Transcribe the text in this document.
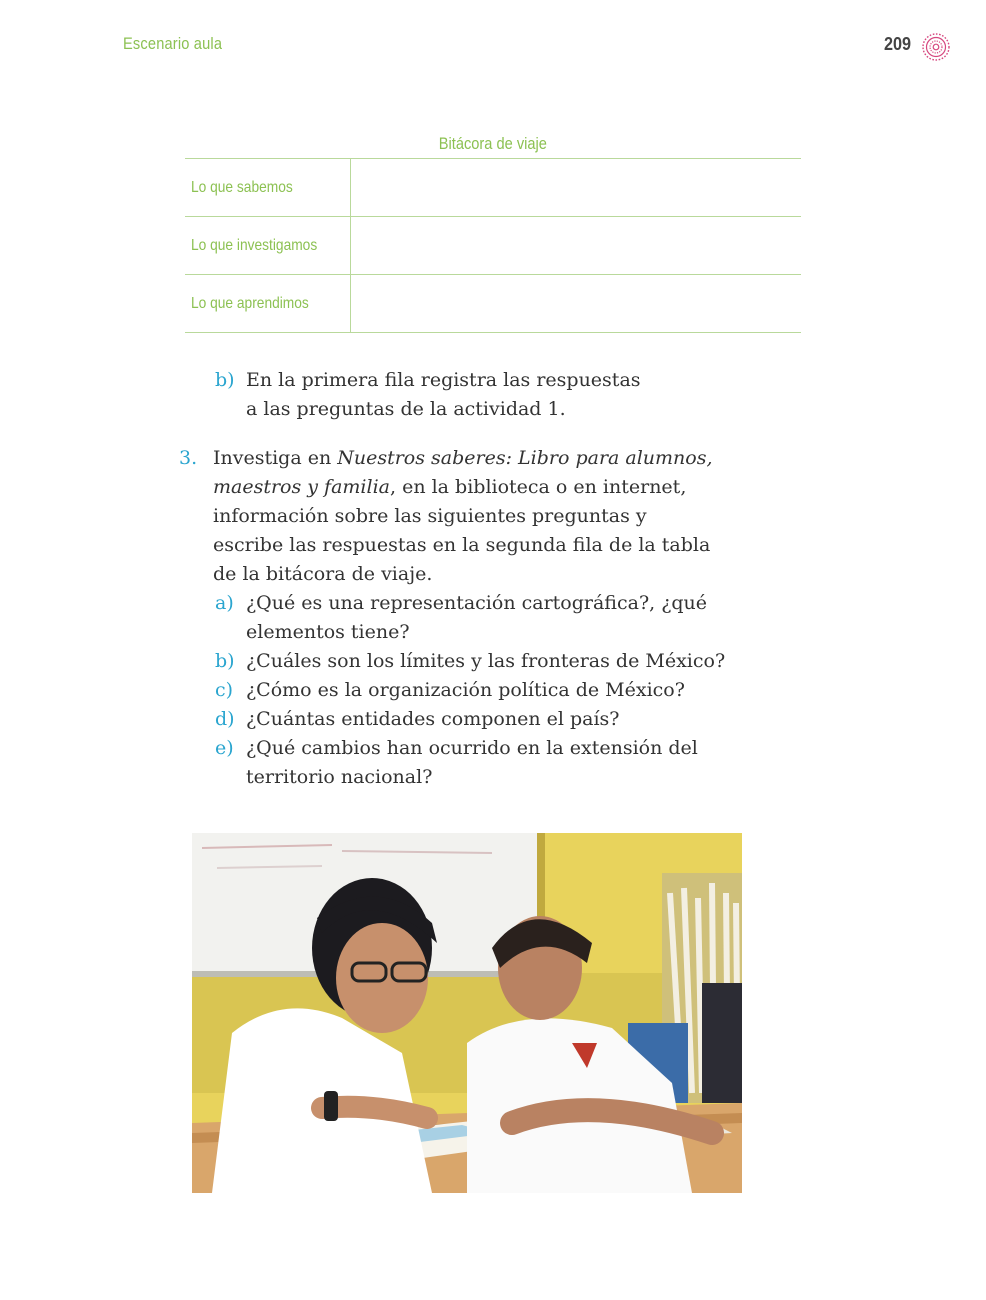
Escenario aula	209
Bitácora de viaje
Lo que sabemos	
Lo que investigamos	
Lo que aprendimos	
b) En la primera fila registra las respuestas
a las preguntas de la actividad 1.
3. Investiga en Nuestros saberes: Libro para alumnos,
maestros y familia, en la biblioteca o en internet,
información sobre las siguientes preguntas y
escribe las respuestas en la segunda fila de la tabla
de la bitácora de viaje.
a) ¿Qué es una representación cartográfica?, ¿qué
elementos tiene?
b) ¿Cuáles son los límites y las fronteras de México?
c) ¿Cómo es la organización política de México?
d) ¿Cuántas entidades componen el país?
e) ¿Qué cambios han ocurrido en la extensión del
territorio nacional?
